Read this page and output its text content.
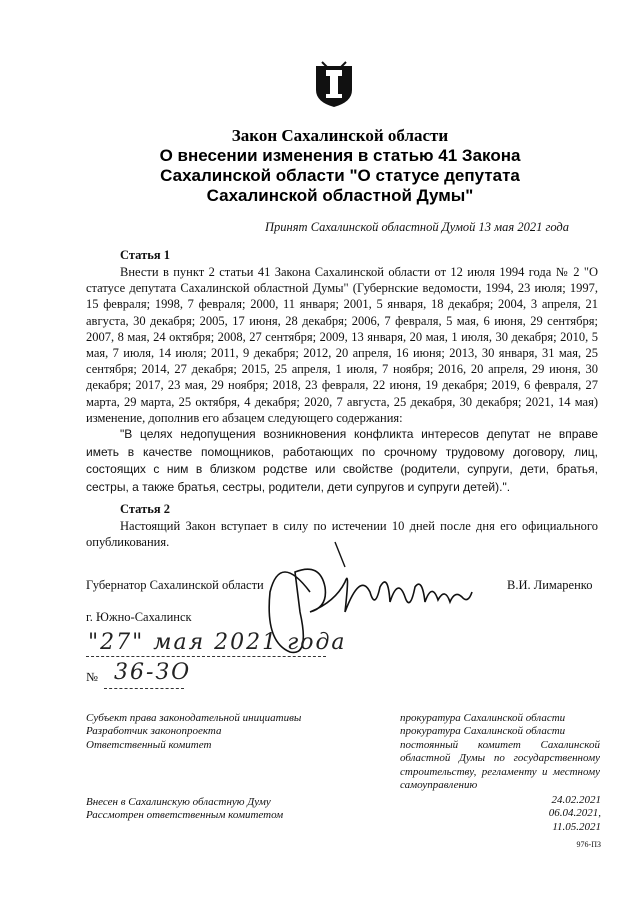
Закон Сахалинской области
О внесении изменения в статью 41 Закона
Сахалинской области "О статусе депутата
Сахалинской областной Думы"
Принят Сахалинской областной Думой 13 мая 2021 года
Статья 1
Внести в пункт 2 статьи 41 Закона Сахалинской области от 12 июля 1994 года № 2 "О статусе депутата Сахалинской областной Думы" (Губернские ведомости, 1994, 23 июля; 1997, 15 февраля; 1998, 7 февраля; 2000, 11 января; 2001, 5 января, 18 декабря; 2004, 3 апреля, 21 августа, 30 декабря; 2005, 17 июня, 28 декабря; 2006, 7 февраля, 5 мая, 6 июня, 29 сентября; 2007, 8 мая, 24 октября; 2008, 27 сентября; 2009, 13 января, 20 мая, 1 июля, 30 декабря; 2010, 5 мая, 7 июля, 14 июля; 2011, 9 декабря; 2012, 20 апреля, 16 июня; 2013, 30 января, 31 мая, 25 сентября; 2014, 27 декабря; 2015, 25 апреля, 1 июля, 7 ноября; 2016, 20 апреля, 29 июня, 30 декабря; 2017, 23 мая, 29 ноября; 2018, 23 февраля, 22 июня, 19 декабря; 2019, 6 февраля, 27 марта, 29 марта, 25 октября, 4 декабря; 2020, 7 августа, 25 декабря, 30 декабря; 2021, 14 мая) изменение, дополнив его абзацем следующего содержания:
"В целях недопущения возникновения конфликта интересов депутат не вправе иметь в качестве помощников, работающих по срочному трудовому договору, лиц, состоящих с ним в близком родстве или свойстве (родители, супруги, дети, братья, сестры, а также братья, сестры, родители, дети супругов и супруги детей).".
Статья 2
Настоящий Закон вступает в силу по истечении 10 дней после дня его официального опубликования.
Губернатор Сахалинской области	В.И. Лимаренко
г. Южно-Сахалинск
"27" мая 2021 года
№ 36-ЗО
Субъект права законодательной инициативы
Разработчик законопроекта
Ответственный комитет
прокуратура Сахалинской области
прокуратура Сахалинской области
постоянный комитет Сахалинской областной Думы по государственному строительству, регламенту и местному самоуправлению
Внесен в Сахалинскую областную Думу
Рассмотрен ответственным комитетом
24.02.2021
06.04.2021,
11.05.2021
976-ПЗ
